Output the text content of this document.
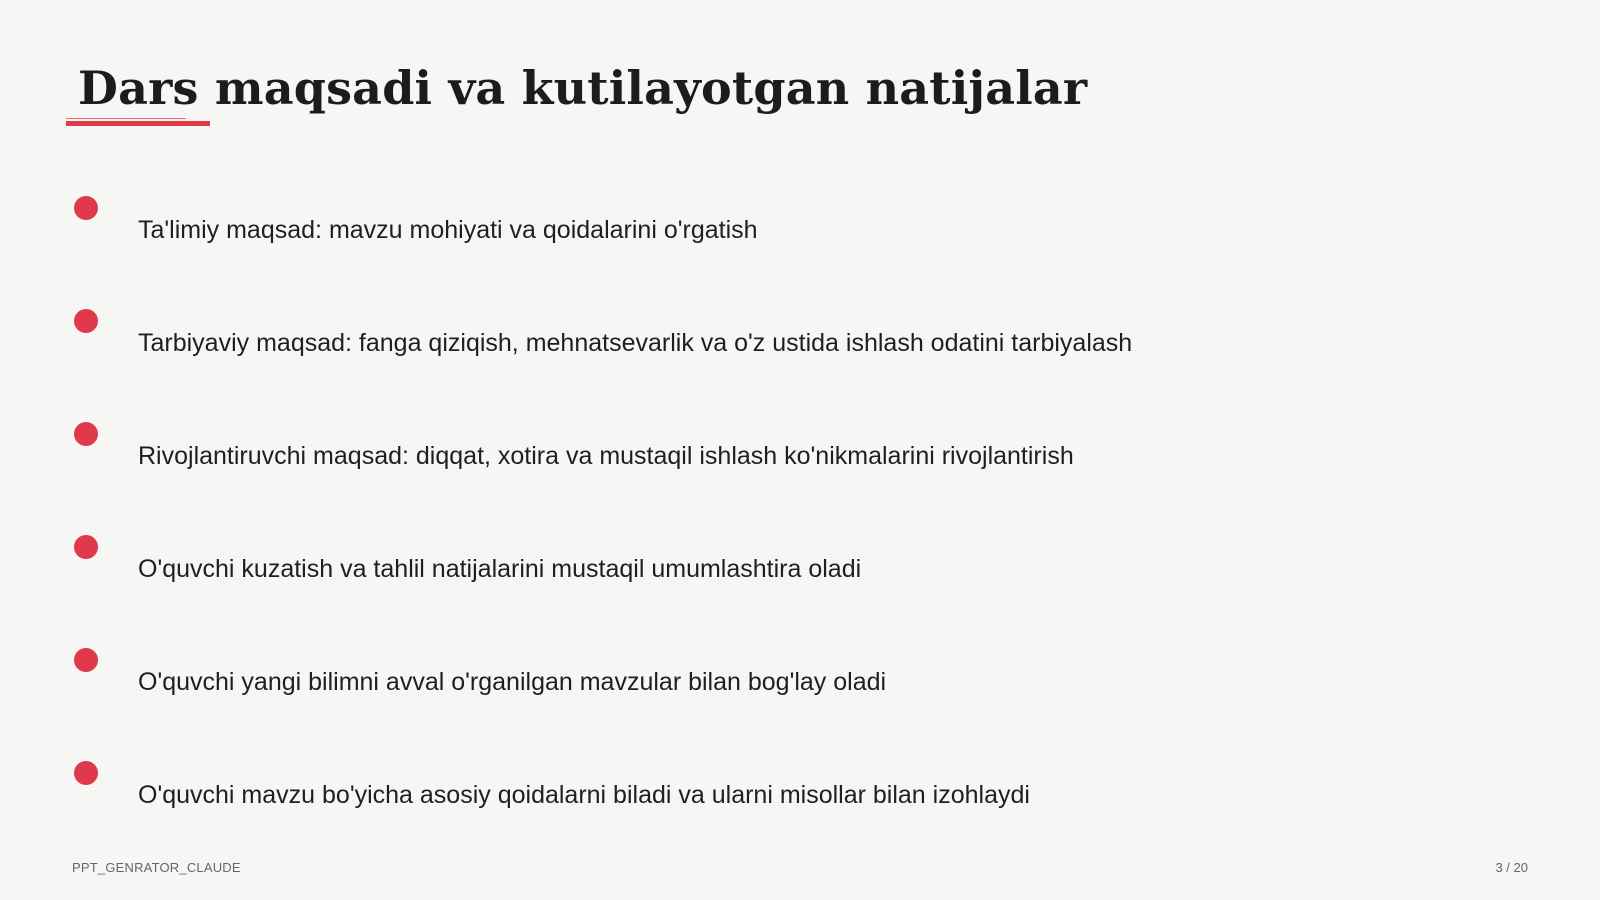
Dars maqsadi va kutilayotgan natijalar
Ta'limiy maqsad: mavzu mohiyati va qoidalarini o'rgatish
Tarbiyaviy maqsad: fanga qiziqish, mehnatsevarlik va o'z ustida ishlash odatini tarbiyalash
Rivojlantiruvchi maqsad: diqqat, xotira va mustaqil ishlash ko'nikmalarini rivojlantirish
O'quvchi kuzatish va tahlil natijalarini mustaqil umumlashtira oladi
O'quvchi yangi bilimni avval o'rganilgan mavzular bilan bog'lay oladi
O'quvchi mavzu bo'yicha asosiy qoidalarni biladi va ularni misollar bilan izohlaydi
PPT_GENRATOR_CLAUDE	3 / 20
